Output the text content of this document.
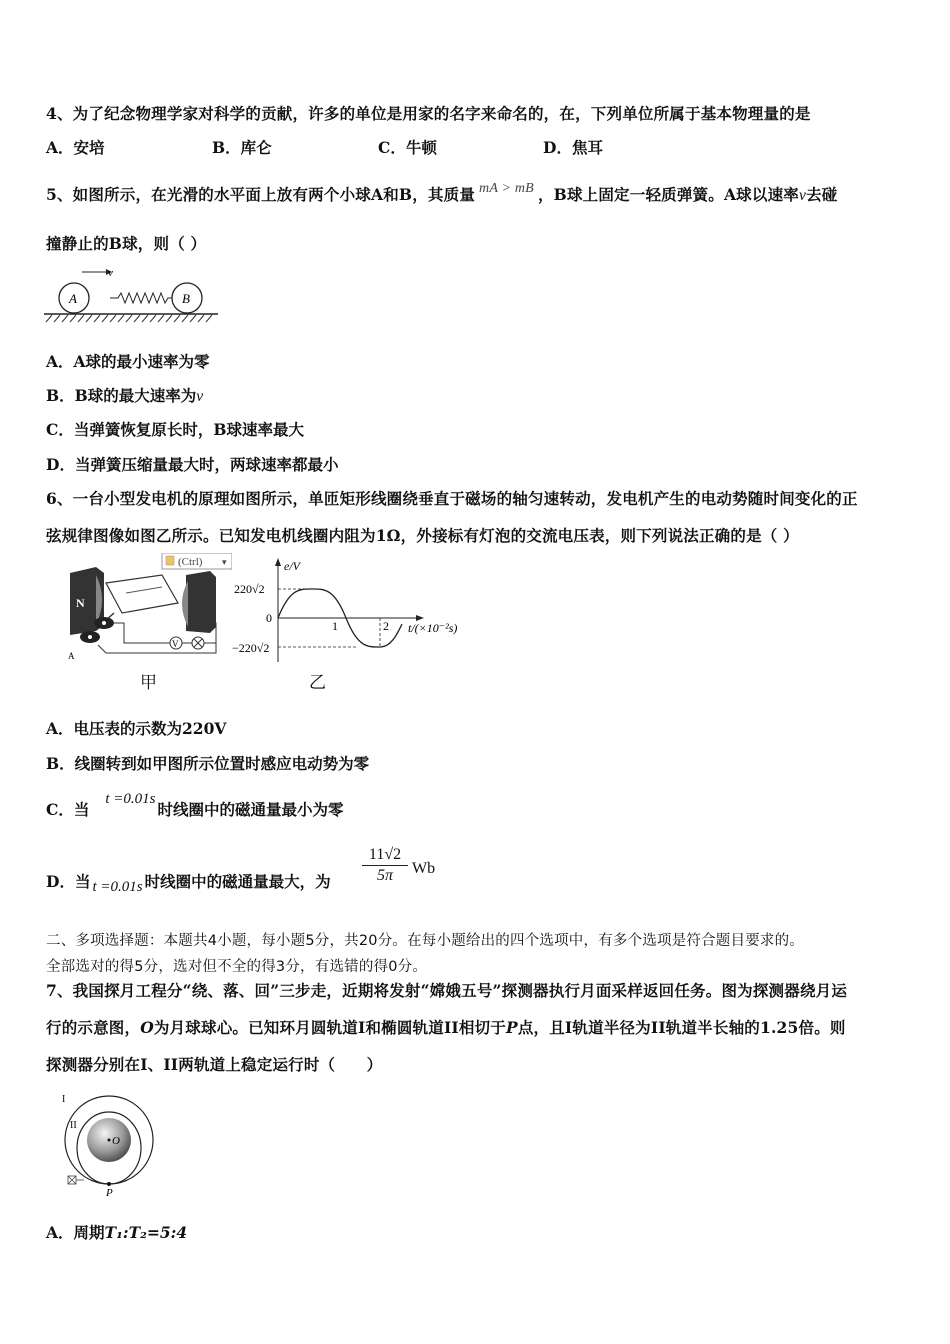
4、为了纪念物理学家对科学的贡献，许多的单位是用家的名字来命名的，在，下列单位所属于基本物理量的是
A．安培	B．库仑	C．牛顿	D．焦耳
5、如图所示，在光滑的水平面上放有两个小球A和B，其质量 mA > mB ，B球上固定一轻质弹簧。A球以速率v去碰
撞静止的B球，则（ ）
v
A	B
A．A球的最小速率为零
B．B球的最大速率为v
C．当弹簧恢复原长时，B球速率最大
D．当弹簧压缩量最大时，两球速率都最小
6、一台小型发电机的原理如图所示，单匝矩形线圈绕垂直于磁场的轴匀速转动，发电机产生的电动势随时间变化的正
弦规律图像如图乙所示。已知发电机线圈内阻为1Ω，外接标有灯泡的交流电压表，则下列说法正确的是（ ）
(Ctrl) ▾
N
V
A
甲
e/V
t/(×10⁻²s)
220√2
−220√2
0
1	2
乙
A．电压表的示数为220V
B．线圈转到如甲图所示位置时感应电动势为零
C．当t =0.01s时线圈中的磁通量最小为零
D．当 t =0.01s 时线圈中的磁通量最大，为
11√2
5π	Wb
二、多项选择题：本题共4小题，每小题5分，共20分。在每小题给出的四个选项中，有多个选项是符合题目要求的。
全部选对的得5分，选对但不全的得3分，有选错的得0分。
7、我国探月工程分“绕、落、回”三步走，近期将发射“嫦娥五号”探测器执行月面采样返回任务。图为探测器绕月运
行的示意图，O为月球球心。已知环月圆轨道I和椭圆轨道II相切于P点，且I轨道半径为II轨道半长轴的1.25倍。则
探测器分别在I、II两轨道上稳定运行时（　　）
O
I
II
P
A．周期T₁:T₂=5:4
